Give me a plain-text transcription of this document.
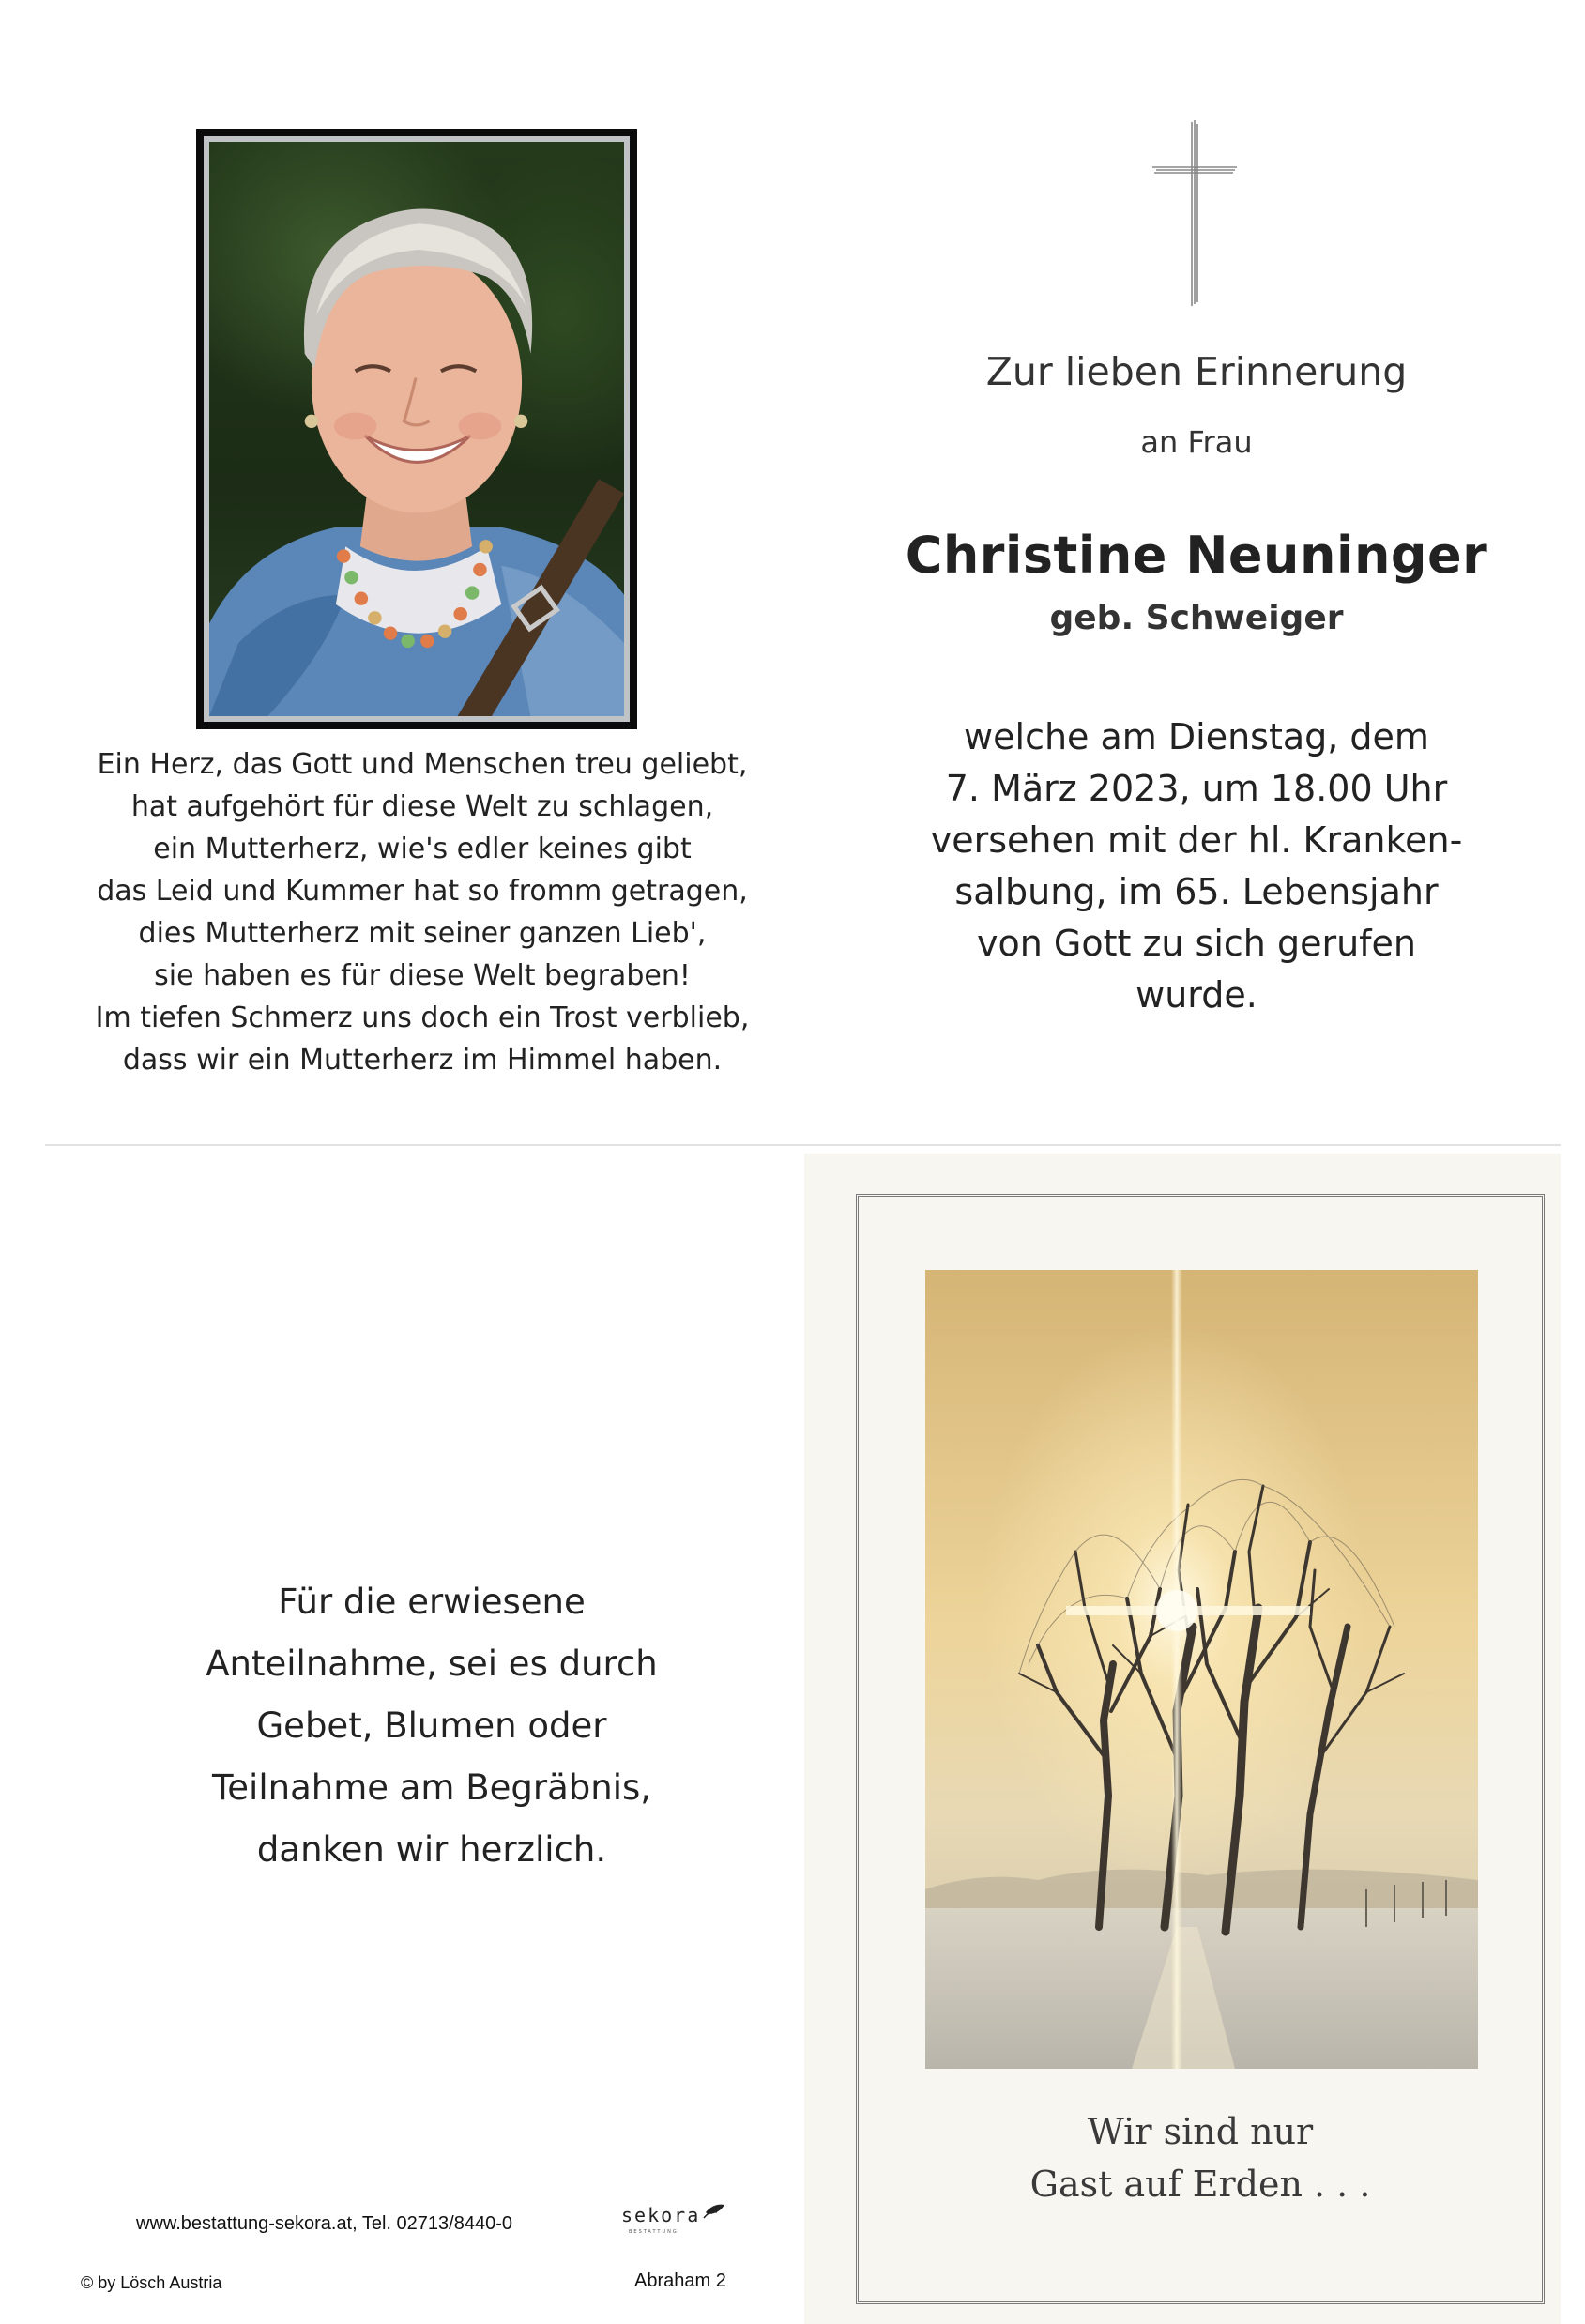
Ein Herz, das Gott und Menschen treu geliebt,
hat aufgehört für diese Welt zu schlagen,
ein Mutterherz, wie's edler keines gibt
das Leid und Kummer hat so fromm getragen,
dies Mutterherz mit seiner ganzen Lieb',
sie haben es für diese Welt begraben!
Im tiefen Schmerz uns doch ein Trost verblieb,
dass wir ein Mutterherz im Himmel haben.
Zur lieben Erinnerung
an Frau
Christine Neuninger
geb. Schweiger
welche am Dienstag, dem
7. März 2023, um 18.00 Uhr
versehen mit der hl. Kranken-
salbung, im 65. Lebensjahr
von Gott zu sich gerufen
wurde.
Für die erwiesene
Anteilnahme, sei es durch
Gebet, Blumen oder
Teilnahme am Begräbnis,
danken wir herzlich.
www.bestattung-sekora.at, Tel. 02713/8440-0	sekora
BESTATTUNG
© by Lösch Austria	Abraham 2
Wir sind nur
Gast auf Erden . . .
